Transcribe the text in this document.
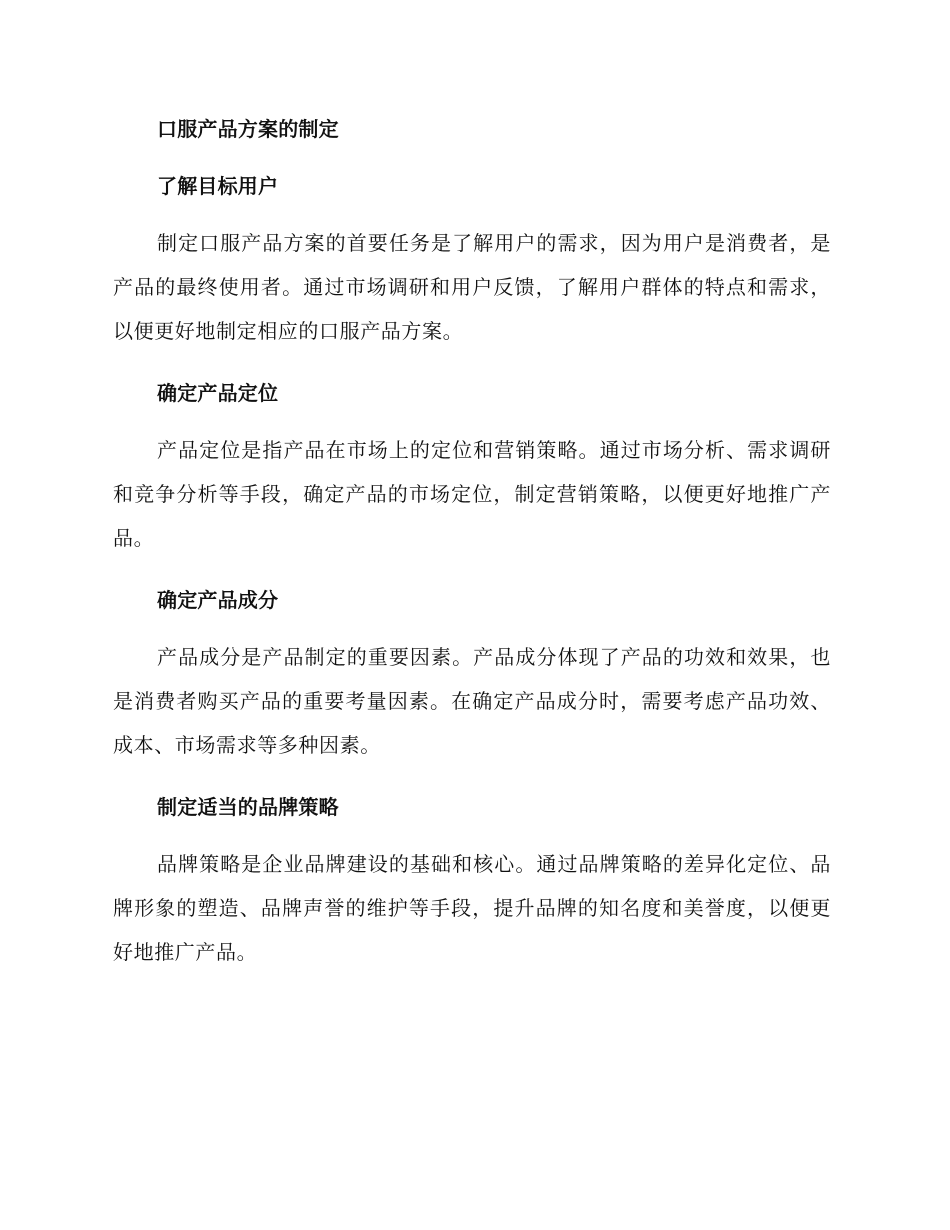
口服产品方案的制定
了解目标用户

制定口服产品方案的首要任务是了解用户的需求，因为用户是消费者，是产品的最终使用者。通过市场调研和用户反馈，了解用户群体的特点和需求，以便更好地制定相应的口服产品方案。

确定产品定位

产品定位是指产品在市场上的定位和营销策略。通过市场分析、需求调研和竞争分析等手段，确定产品的市场定位，制定营销策略，以便更好地推广产品。

确定产品成分

产品成分是产品制定的重要因素。产品成分体现了产品的功效和效果，也是消费者购买产品的重要考量因素。在确定产品成分时，需要考虑产品功效、成本、市场需求等多种因素。

制定适当的品牌策略

品牌策略是企业品牌建设的基础和核心。通过品牌策略的差异化定位、品牌形象的塑造、品牌声誉的维护等手段，提升品牌的知名度和美誉度，以便更好地推广产品。
